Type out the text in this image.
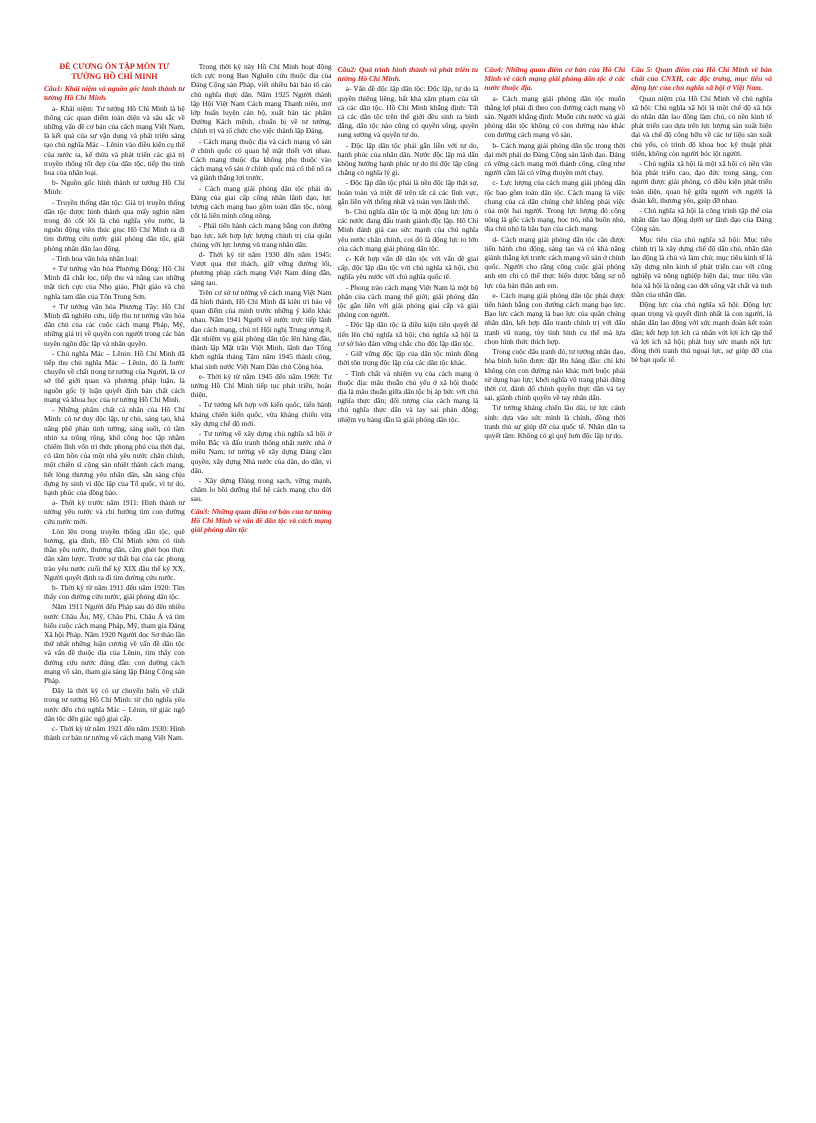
ĐỀ CƯƠNG ÔN TẬP MÔN TƯ TƯỞNG HỒ CHÍ MINH
Câu1: Khái niệm và nguồn gốc hình thành tư tưởng Hồ Chí Minh.

a- Khái niệm: Tư tưởng Hồ Chí Minh là hệ thống các quan điểm toàn diện và sâu sắc về những vấn đề cơ bản của cách mạng Việt Nam, là kết quả của sự vận dụng và phát triển sáng tạo chủ nghĩa Mác – Lênin vào điều kiện cụ thể của nước ta, kế thừa và phát triển các giá trị truyền thống tốt đẹp của dân tộc, tiếp thu tinh hoa của nhân loại.

b- Nguồn gốc hình thành tư tưởng Hồ Chí Minh:

- Truyền thống dân tộc: Giá trị truyền thống dân tộc được hình thành qua mấy nghìn năm trong đó cốt lõi là chủ nghĩa yêu nước, là nguồn động viên thúc giục Hồ Chí Minh ra đi tìm đường cứu nước giải phóng dân tộc, giải phóng nhân dân lao động.

- Tinh hoa văn hóa nhân loại:

+ Tư tưởng văn hóa Phương Đông: Hồ Chí Minh đã chắt lọc, tiếp thu và nâng cao những mặt tích cực của Nho giáo, Phật giáo và chủ nghĩa tam dân của Tôn Trung Sơn.

+ Tư tưởng văn hóa Phương Tây: Hồ Chí Minh đã nghiên cứu, tiếp thu tư tưởng văn hóa dân chủ của các cuộc cách mạng Pháp, Mỹ, những giá trị về quyền con người trong các bản tuyên ngôn độc lập và nhân quyền.

- Chủ nghĩa Mác – Lênin: Hồ Chí Minh đã tiếp thu chủ nghĩa Mác – Lênin, đó là bước chuyển về chất trong tư tưởng của Người, là cơ sở thế giới quan và phương pháp luận, là nguồn gốc lý luận quyết định bản chất cách mạng và khoa học của tư tưởng Hồ Chí Minh.

- Những phẩm chất cá nhân của Hồ Chí Minh: có tư duy độc lập, tự chủ, sáng tạo, khả năng phê phán tinh tường, sáng suốt, có tầm nhìn xa trông rộng, khổ công học tập nhằm chiếm lĩnh vốn tri thức phong phú của thời đại, có tâm hồn của một nhà yêu nước chân chính, một chiến sĩ cộng sản nhiệt thành cách mạng, hết lòng thương yêu nhân dân, sẵn sàng chịu đựng hy sinh vì độc lập của Tổ quốc, vì tự do, hạnh phúc của đồng bào.

a- Thời kỳ trước năm 1911: Hình thành tư tưởng yêu nước và chí hướng tìm con đường cứu nước mới.

Lòn lên trong truyền thống dân tộc, quê hương, gia đình, Hồ Chí Minh sớm có tinh thần yêu nước, thương dân, căm ghét bọn thực dân xâm lược. Trước sự thất bại của các phong trào yêu nước cuối thế kỷ XIX đầu thế kỷ XX, Người quyết định ra đi tìm đường cứu nước.

b- Thời kỳ từ năm 1911 đến năm 1920: Tìm thấy con đường cứu nước, giải phóng dân tộc.

Năm 1911 Người đến Pháp sau đó đến nhiều nước Châu Âu, Mỹ, Châu Phi, Châu Á và tìm hiểu cuộc cách mạng Pháp, Mỹ, tham gia Đảng Xã hội Pháp. Năm 1920 Người đọc Sơ thảo lần thứ nhất những luận cương về vấn đề dân tộc và vấn đề thuộc địa của Lênin, tìm thấy con đường cứu nước đúng đắn: con đường cách mạng vô sản, tham gia sáng lập Đảng Cộng sản Pháp.

Đây là thời kỳ có sự chuyển biến về chất trong tư tưởng Hồ Chí Minh: từ chủ nghĩa yêu nước đến chủ nghĩa Mác – Lênin, từ giác ngộ dân tộc đến giác ngộ giai cấp.

c- Thời kỳ từ năm 1921 đến năm 1930: Hình thành cơ bản tư tưởng về cách mạng Việt Nam.

Trong thời kỳ này Hồ Chí Minh hoạt động tích cực trong Ban Nghiên cứu thuộc địa của Đảng Cộng sản Pháp, viết nhiều bài báo tố cáo chủ nghĩa thực dân. Năm 1925 Người thành lập Hội Việt Nam Cách mạng Thanh niên, mở lớp huấn luyện cán bộ, xuất bản tác phẩm Đường Kách mệnh, chuẩn bị về tư tưởng, chính trị và tổ chức cho việc thành lập Đảng.

- Cách mạng thuộc địa và cách mạng vô sản ở chính quốc có quan hệ mật thiết với nhau. Cách mạng thuộc địa không phụ thuộc vào cách mạng vô sản ở chính quốc mà có thể nổ ra và giành thắng lợi trước.

- Cách mạng giải phóng dân tộc phải do Đảng của giai cấp công nhân lãnh đạo, lực lượng cách mạng bao gồm toàn dân tộc, nòng cốt là liên minh công nông.

- Phải tiến hành cách mạng bằng con đường bạo lực, kết hợp lực lượng chính trị của quần chúng với lực lượng vũ trang nhân dân.

d- Thời kỳ từ năm 1930 đến năm 1945: Vượt qua thử thách, giữ vững đường lối, phương pháp cách mạng Việt Nam đúng đắn, sáng tạo.

Trên cơ sở tư tưởng về cách mạng Việt Nam đã hình thành, Hồ Chí Minh đã kiên trì bảo vệ quan điểm của mình trước những ý kiến khác nhau. Năm 1941 Người về nước trực tiếp lãnh đạo cách mạng, chủ trì Hội nghị Trung ương 8, đặt nhiệm vụ giải phóng dân tộc lên hàng đầu, thành lập Mặt trận Việt Minh, lãnh đạo Tổng khởi nghĩa tháng Tám năm 1945 thành công, khai sinh nước Việt Nam Dân chủ Cộng hòa.

e- Thời kỳ từ năm 1945 đến năm 1969: Tư tưởng Hồ Chí Minh tiếp tục phát triển, hoàn thiện.

- Tư tưởng kết hợp với kiến quốc, tiến hành kháng chiến kiến quốc, vừa kháng chiến vừa xây dựng chế độ mới.

- Tư tưởng về xây dựng chủ nghĩa xã hội ở miền Bắc và đấu tranh thống nhất nước nhà ở miền Nam; tư tưởng về xây dựng Đảng cầm quyền, xây dựng Nhà nước của dân, do dân, vì dân.

- Xây dựng Đảng trong sạch, vững mạnh, chăm lo bồi dưỡng thế hệ cách mạng cho đời sau.

Câu3: Những quan điểm cơ bản của tư tưởng Hồ Chí Minh về vấn đề dân tộc và cách mạng giải phóng dân tộc
Câu2: Quá trình hình thành và phát triển tư tưởng Hồ Chí Minh.

a- Vấn đề độc lập dân tộc: Độc lập, tự do là quyền thiêng liêng, bất khả xâm phạm của tất cả các dân tộc. Hồ Chí Minh khẳng định: Tất cả các dân tộc trên thế giới đều sinh ra bình đẳng, dân tộc nào cũng có quyền sống, quyền sung sướng và quyền tự do.

- Độc lập dân tộc phải gắn liền với tự do, hạnh phúc của nhân dân. Nước độc lập mà dân không hưởng hạnh phúc tự do thì độc lập cũng chẳng có nghĩa lý gì.

- Độc lập dân tộc phải là nền độc lập thật sự, hoàn toàn và triệt để trên tất cả các lĩnh vực, gắn liền với thống nhất và toàn vẹn lãnh thổ.

b- Chủ nghĩa dân tộc là một động lực lớn ở các nước đang đấu tranh giành độc lập. Hồ Chí Minh đánh giá cao sức mạnh của chủ nghĩa yêu nước chân chính, coi đó là động lực to lớn của cách mạng giải phóng dân tộc.

c- Kết hợp vấn đề dân tộc với vấn đề giai cấp, độc lập dân tộc với chủ nghĩa xã hội, chủ nghĩa yêu nước với chủ nghĩa quốc tế.

- Phong trào cách mạng Việt Nam là một bộ phận của cách mạng thế giới; giải phóng dân tộc gắn liền với giải phóng giai cấp và giải phóng con người.

- Độc lập dân tộc là điều kiện tiên quyết để tiến lên chủ nghĩa xã hội; chủ nghĩa xã hội là cơ sở bảo đảm vững chắc cho độc lập dân tộc.

- Giữ vững độc lập của dân tộc mình đồng thời tôn trọng độc lập của các dân tộc khác.

- Tính chất và nhiệm vụ của cách mạng ở thuộc địa: mâu thuẫn chủ yếu ở xã hội thuộc địa là mâu thuẫn giữa dân tộc bị áp bức với chủ nghĩa thực dân; đối tượng của cách mạng là chủ nghĩa thực dân và tay sai phản động; nhiệm vụ hàng đầu là giải phóng dân tộc.

Câu4: Những quan điểm cơ bản của Hồ Chí Minh về cách mạng giải phóng dân tộc ở các nước thuộc địa.

a- Cách mạng giải phóng dân tộc muốn thắng lợi phải đi theo con đường cách mạng vô sản. Người khẳng định: Muốn cứu nước và giải phóng dân tộc không có con đường nào khác con đường cách mạng vô sản.

b- Cách mạng giải phóng dân tộc trong thời đại mới phải do Đảng Cộng sản lãnh đạo. Đảng có vững cách mạng mới thành công, cũng như người cầm lái có vững thuyền mới chạy.

c- Lực lượng của cách mạng giải phóng dân tộc bao gồm toàn dân tộc. Cách mạng là việc chung của cả dân chúng chứ không phải việc của một hai người. Trong lực lượng đó công nông là gốc cách mạng, học trò, nhà buôn nhỏ, địa chủ nhỏ là bầu bạn của cách mạng.

d- Cách mạng giải phóng dân tộc cần được tiến hành chủ động, sáng tạo và có khả năng giành thắng lợi trước cách mạng vô sản ở chính quốc. Người cho rằng công cuộc giải phóng anh em chỉ có thể thực hiện được bằng sự nỗ lực của bản thân anh em.

e- Cách mạng giải phóng dân tộc phải được tiến hành bằng con đường cách mạng bạo lực. Bạo lực cách mạng là bạo lực của quần chúng nhân dân, kết hợp đấu tranh chính trị với đấu tranh vũ trang, tùy tình hình cụ thể mà lựa chọn hình thức thích hợp.

Trong cuộc đấu tranh đó, tư tưởng nhân đạo, hòa bình luôn được đặt lên hàng đầu: chỉ khi không còn con đường nào khác mới buộc phải sử dụng bạo lực; khởi nghĩa vũ trang phải đúng thời cơ, đánh đổ chính quyền thực dân và tay sai, giành chính quyền về tay nhân dân.

Tư tưởng kháng chiến lâu dài, tự lực cánh sinh: dựa vào sức mình là chính, đồng thời tranh thủ sự giúp đỡ của quốc tế. Nhân dân ta quyết tâm: Không có gì quý hơn độc lập tự do.

Câu 5: Quan điểm của Hồ Chí Minh về bản chất của CNXH, các đặc trưng, mục tiêu và động lực của chủ nghĩa xã hội ở Việt Nam.

Quan niệm của Hồ Chí Minh về chủ nghĩa xã hội: Chủ nghĩa xã hội là một chế độ xã hội do nhân dân lao động làm chủ, có nền kinh tế phát triển cao dựa trên lực lượng sản xuất hiện đại và chế độ công hữu về các tư liệu sản xuất chủ yếu, có trình độ khoa học kỹ thuật phát triển, không còn người bóc lột người.

- Chủ nghĩa xã hội là một xã hội có nền văn hóa phát triển cao, đạo đức trong sáng, con người được giải phóng, có điều kiện phát triển toàn diện, quan hệ giữa người với người là đoàn kết, thương yêu, giúp đỡ nhau.

- Chủ nghĩa xã hội là công trình tập thể của nhân dân lao động dưới sự lãnh đạo của Đảng Cộng sản.

Mục tiêu của chủ nghĩa xã hội: Mục tiêu chính trị là xây dựng chế độ dân chủ, nhân dân lao động là chủ và làm chủ; mục tiêu kinh tế là xây dựng nền kinh tế phát triển cao với công nghiệp và nông nghiệp hiện đại; mục tiêu văn hóa xã hội là nâng cao đời sống vật chất và tinh thần của nhân dân.

Động lực của chủ nghĩa xã hội: Động lực quan trọng và quyết định nhất là con người, là nhân dân lao động với sức mạnh đoàn kết toàn dân; kết hợp lợi ích cá nhân với lợi ích tập thể và lợi ích xã hội; phát huy sức mạnh nội lực đồng thời tranh thủ ngoại lực, sự giúp đỡ của bè bạn quốc tế.
